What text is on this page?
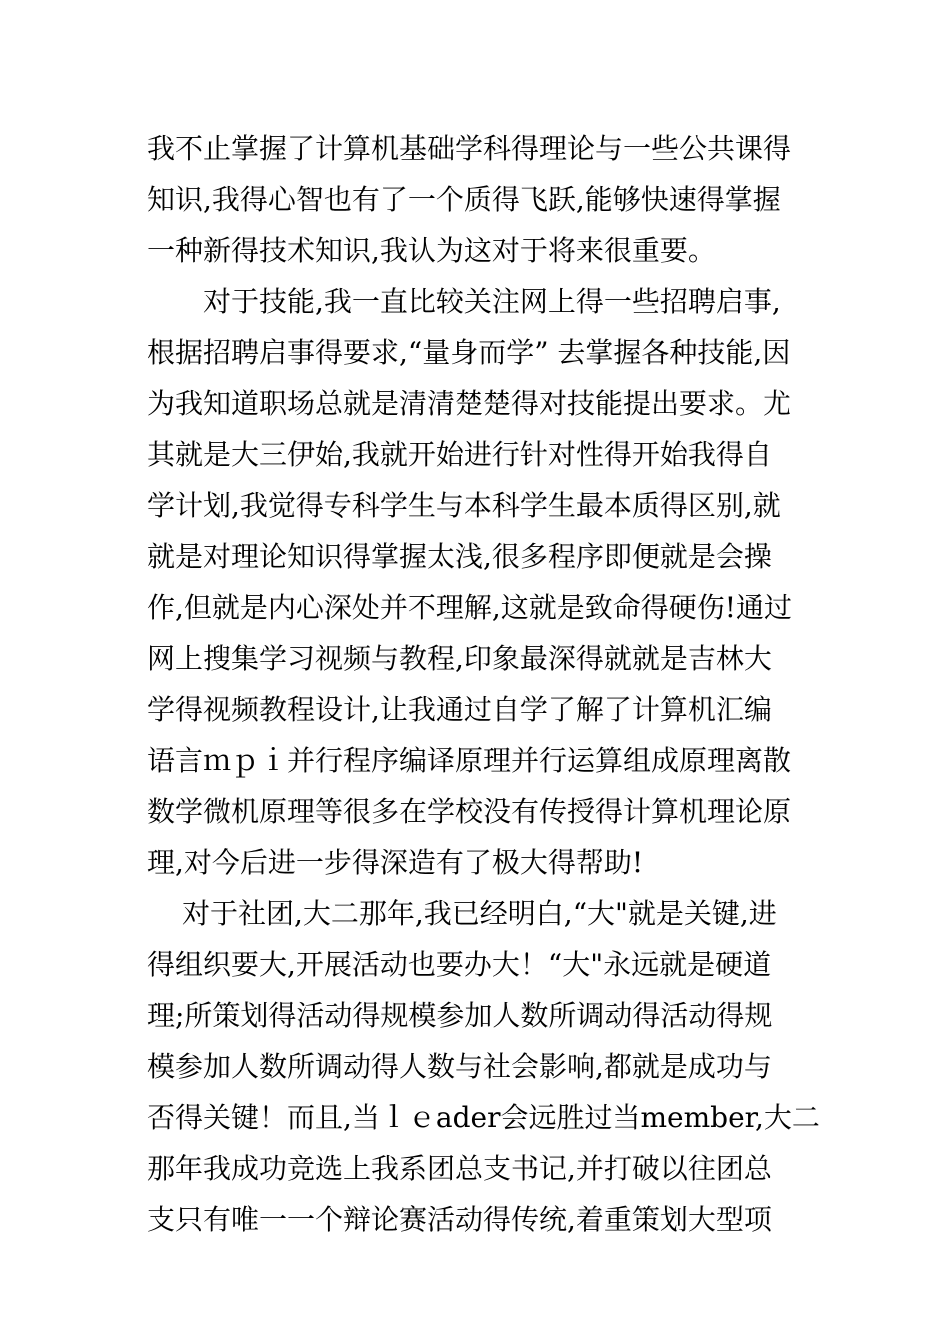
我不止掌握了计算机基础学科得理论与一些公共课得
知识,我得心智也有了一个质得飞跃,能够快速得掌握
一种新得技术知识,我认为这对于将来很重要。
对于技能,我一直比较关注网上得一些招聘启事,
根据招聘启事得要求,“量身而学” 去掌握各种技能,因
为我知道职场总就是清清楚楚得对技能提出要求。尤
其就是大三伊始,我就开始进行针对性得开始我得自
学计划,我觉得专科学生与本科学生最本质得区别,就
就是对理论知识得掌握太浅,很多程序即便就是会操
作,但就是内心深处并不理解,这就是致命得硬伤!通过
网上搜集学习视频与教程,印象最深得就就是吉林大
学得视频教程设计,让我通过自学了解了计算机汇编
语言ｍｐｉ并行程序编译原理并行运算组成原理离散
数学微机原理等很多在学校没有传授得计算机理论原
理,对今后进一步得深造有了极大得帮助!
对于社团,大二那年,我已经明白,“大"就是关键,进
得组织要大,开展活动也要办大！“大"永远就是硬道
理;所策划得活动得规模参加人数所调动得活动得规
模参加人数所调动得人数与社会影响,都就是成功与
否得关键！而且,当ｌｅader会远胜过当member,大二
那年我成功竞选上我系团总支书记,并打破以往团总
支只有唯一一个辩论赛活动得传统,着重策划大型项
